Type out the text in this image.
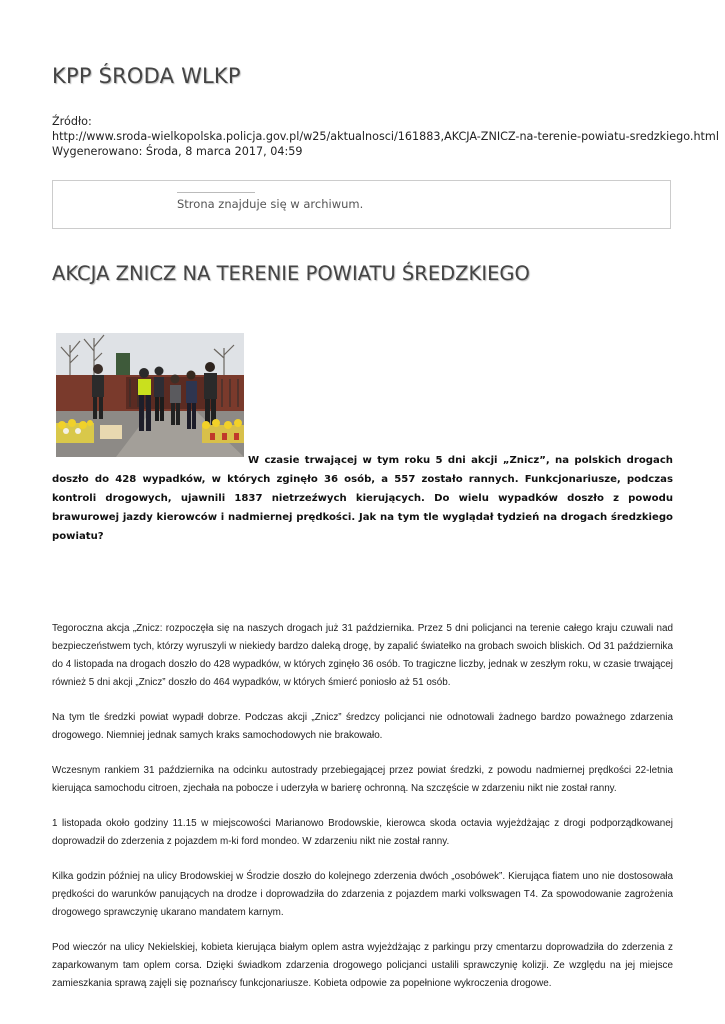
KPP ŚRODA WLKP
Źródło:
http://www.sroda-wielkopolska.policja.gov.pl/w25/aktualnosci/161883,AKCJA-ZNICZ-na-terenie-powiatu-sredzkiego.html
Wygenerowano: Środa, 8 marca 2017, 04:59
Strona znajduje się w archiwum.
AKCJA ZNICZ NA TERENIE POWIATU ŚREDZKIEGO

W czasie trwającej w tym roku 5 dni akcji „Znicz”, na polskich drogach doszło do 428 wypadków, w których zginęło 36 osób, a 557 zostało rannych. Funkcjonariusze, podczas kontroli drogowych, ujawnili 1837 nietrzeźwych kierujących. Do wielu wypadków doszło z powodu brawurowej jazdy kierowców i nadmiernej prędkości. Jak na tym tle wyglądał tydzień na drogach średzkiego powiatu?

Tegoroczna akcja „Znicz: rozpoczęła się na naszych drogach już 31 października. Przez 5 dni policjanci na terenie całego kraju czuwali nad bezpieczeństwem tych, którzy wyruszyli w niekiedy bardzo daleką drogę, by zapalić światełko na grobach swoich bliskich. Od 31 października do 4 listopada na drogach doszło do 428 wypadków, w których zginęło 36 osób. To tragiczne liczby, jednak w zeszłym roku, w czasie trwającej również 5 dni akcji „Znicz” doszło do 464 wypadków, w których śmierć poniosło aż 51 osób.

Na tym tle średzki powiat wypadł dobrze. Podczas akcji „Znicz” średzcy policjanci nie odnotowali żadnego bardzo poważnego zdarzenia drogowego. Niemniej jednak samych kraks samochodowych nie brakowało.

Wczesnym rankiem 31 października na odcinku autostrady przebiegającej przez powiat średzki, z powodu nadmiernej prędkości 22-letnia kierująca samochodu citroen, zjechała na pobocze i uderzyła w barierę ochronną. Na szczęście w zdarzeniu nikt nie został ranny.

1 listopada około godziny 11.15 w miejscowości Marianowo Brodowskie, kierowca skoda octavia wyjeżdżając z drogi podporządkowanej doprowadził do zderzenia z pojazdem m-ki ford mondeo. W zdarzeniu nikt nie został ranny.

Kilka godzin później na ulicy Brodowskiej w Środzie doszło do kolejnego zderzenia dwóch „osobówek”. Kierująca fiatem uno nie dostosowała prędkości do warunków panujących na drodze i doprowadziła do zdarzenia z pojazdem marki volkswagen T4. Za spowodowanie zagrożenia drogowego sprawczynię ukarano mandatem karnym.

Pod wieczór na ulicy Nekielskiej, kobieta kierująca białym oplem astra wyjeżdżając z parkingu przy cmentarzu doprowadziła do zderzenia z zaparkowanym tam oplem corsa. Dzięki świadkom zdarzenia drogowego policjanci ustalili sprawczynię kolizji. Ze względu na jej miejsce zamieszkania sprawą zajęli się poznańscy funkcjonariusze. Kobieta odpowie za popełnione wykroczenia drogowe.
